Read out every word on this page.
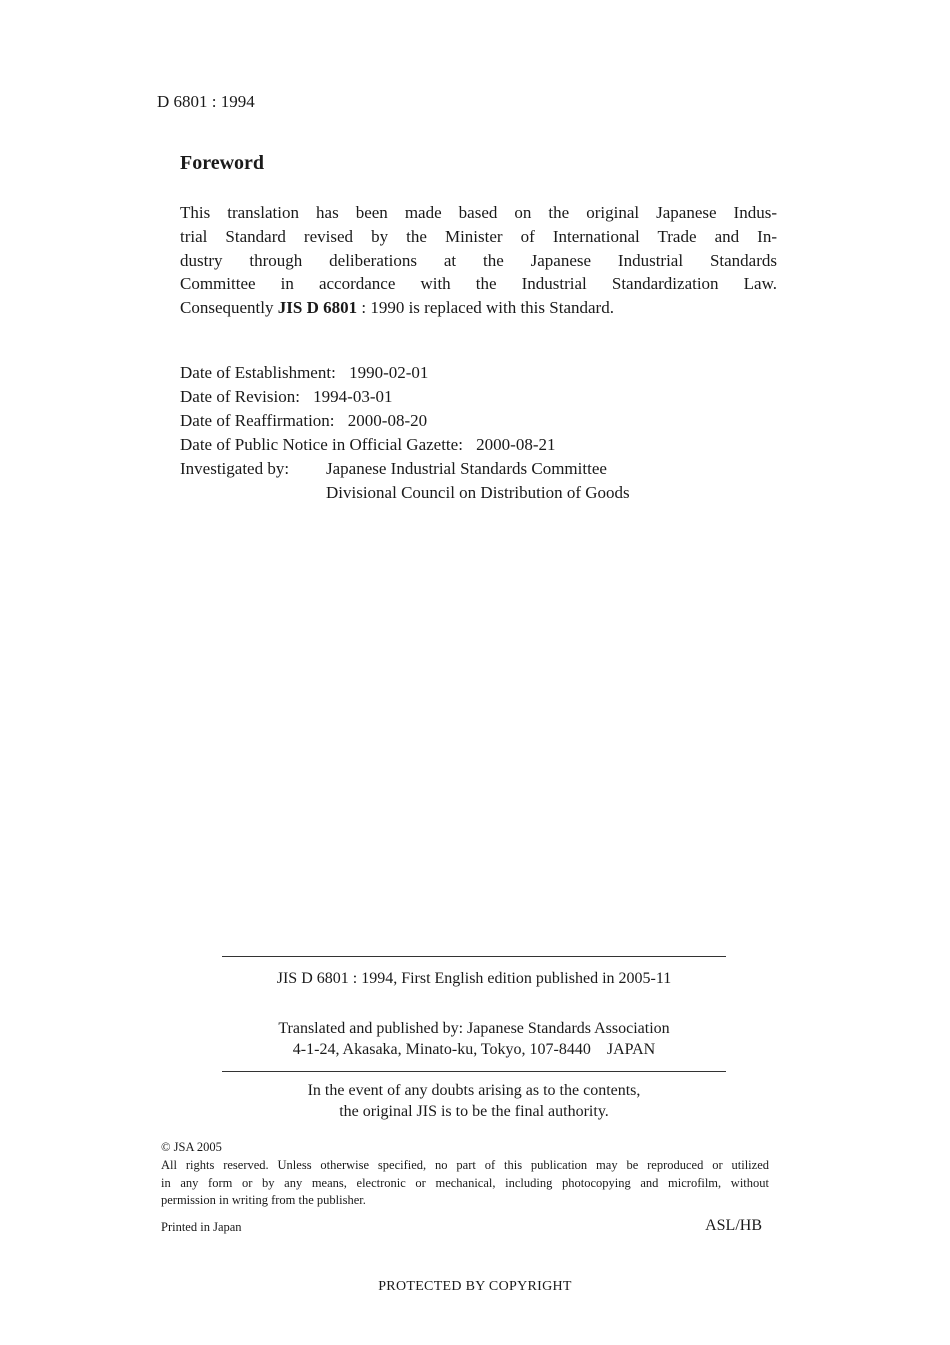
D 6801 : 1994
Foreword
This translation has been made based on the original Japanese Indus-
trial Standard revised by the Minister of International Trade and In-
dustry through deliberations at the Japanese Industrial Standards
Committee in accordance with the Industrial Standardization Law.
Consequently JIS D 6801 : 1990 is replaced with this Standard.
Date of Establishment: 1990-02-01
Date of Revision: 1994-03-01
Date of Reaffirmation: 2000-08-20
Date of Public Notice in Official Gazette: 2000-08-21
Investigated by: Japanese Industrial Standards Committee
Divisional Council on Distribution of Goods
JIS D 6801 : 1994, First English edition published in 2005-11
Translated and published by: Japanese Standards Association
4-1-24, Akasaka, Minato-ku, Tokyo, 107-8440    JAPAN
In the event of any doubts arising as to the contents,
the original JIS is to be the final authority.
© JSA 2005
All rights reserved. Unless otherwise specified, no part of this publication may be reproduced or utilized
in any form or by any means, electronic or mechanical, including photocopying and microfilm, without
permission in writing from the publisher.
Printed in Japan	ASL/HB
PROTECTED BY COPYRIGHT
